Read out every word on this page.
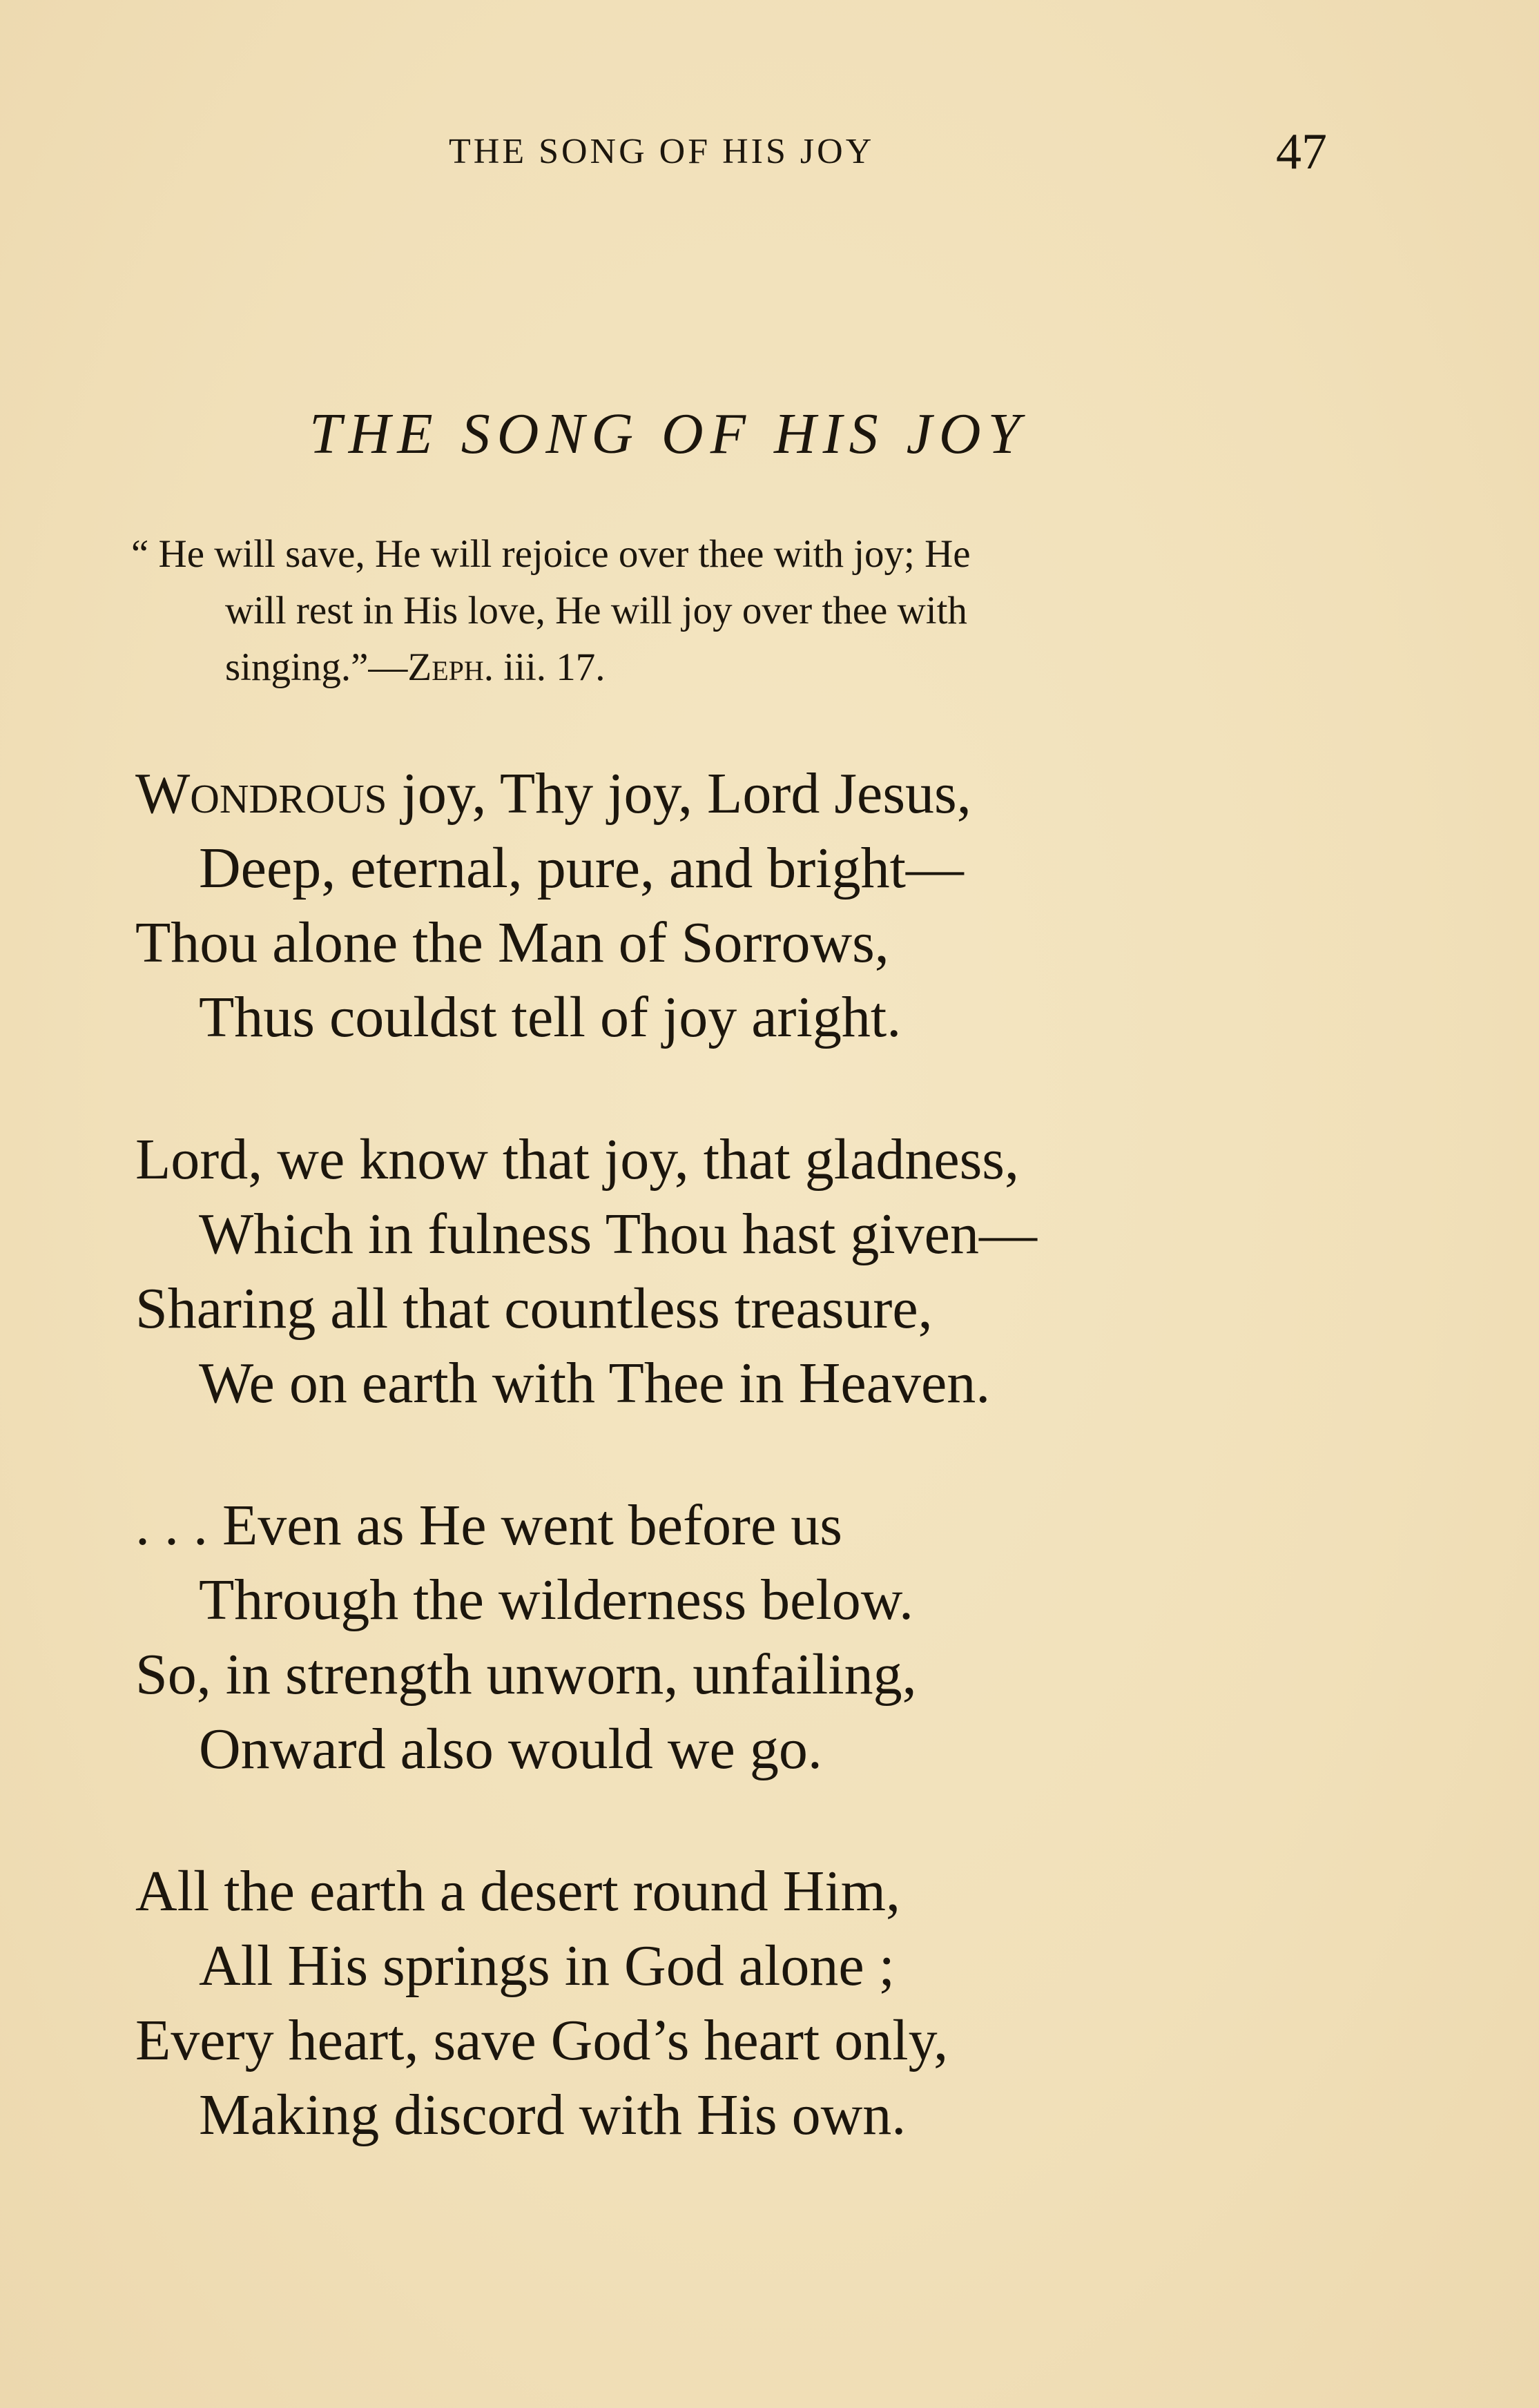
THE SONG OF HIS JOY	47
THE SONG OF HIS JOY
“ He will save, He will rejoice over thee with joy; He
will rest in His love, He will joy over thee with
singing.”—Zeph. iii. 17.
Wondrous joy, Thy joy, Lord Jesus,
Deep, eternal, pure, and bright—
Thou alone the Man of Sorrows,
Thus couldst tell of joy aright.
Lord, we know that joy, that gladness,
Which in fulness Thou hast given—
Sharing all that countless treasure,
We on earth with Thee in Heaven.
. . . Even as He went before us
Through the wilderness below.
So, in strength unworn, unfailing,
Onward also would we go.
All the earth a desert round Him,
All His springs in God alone ;
Every heart, save God’s heart only,
Making discord with His own.
